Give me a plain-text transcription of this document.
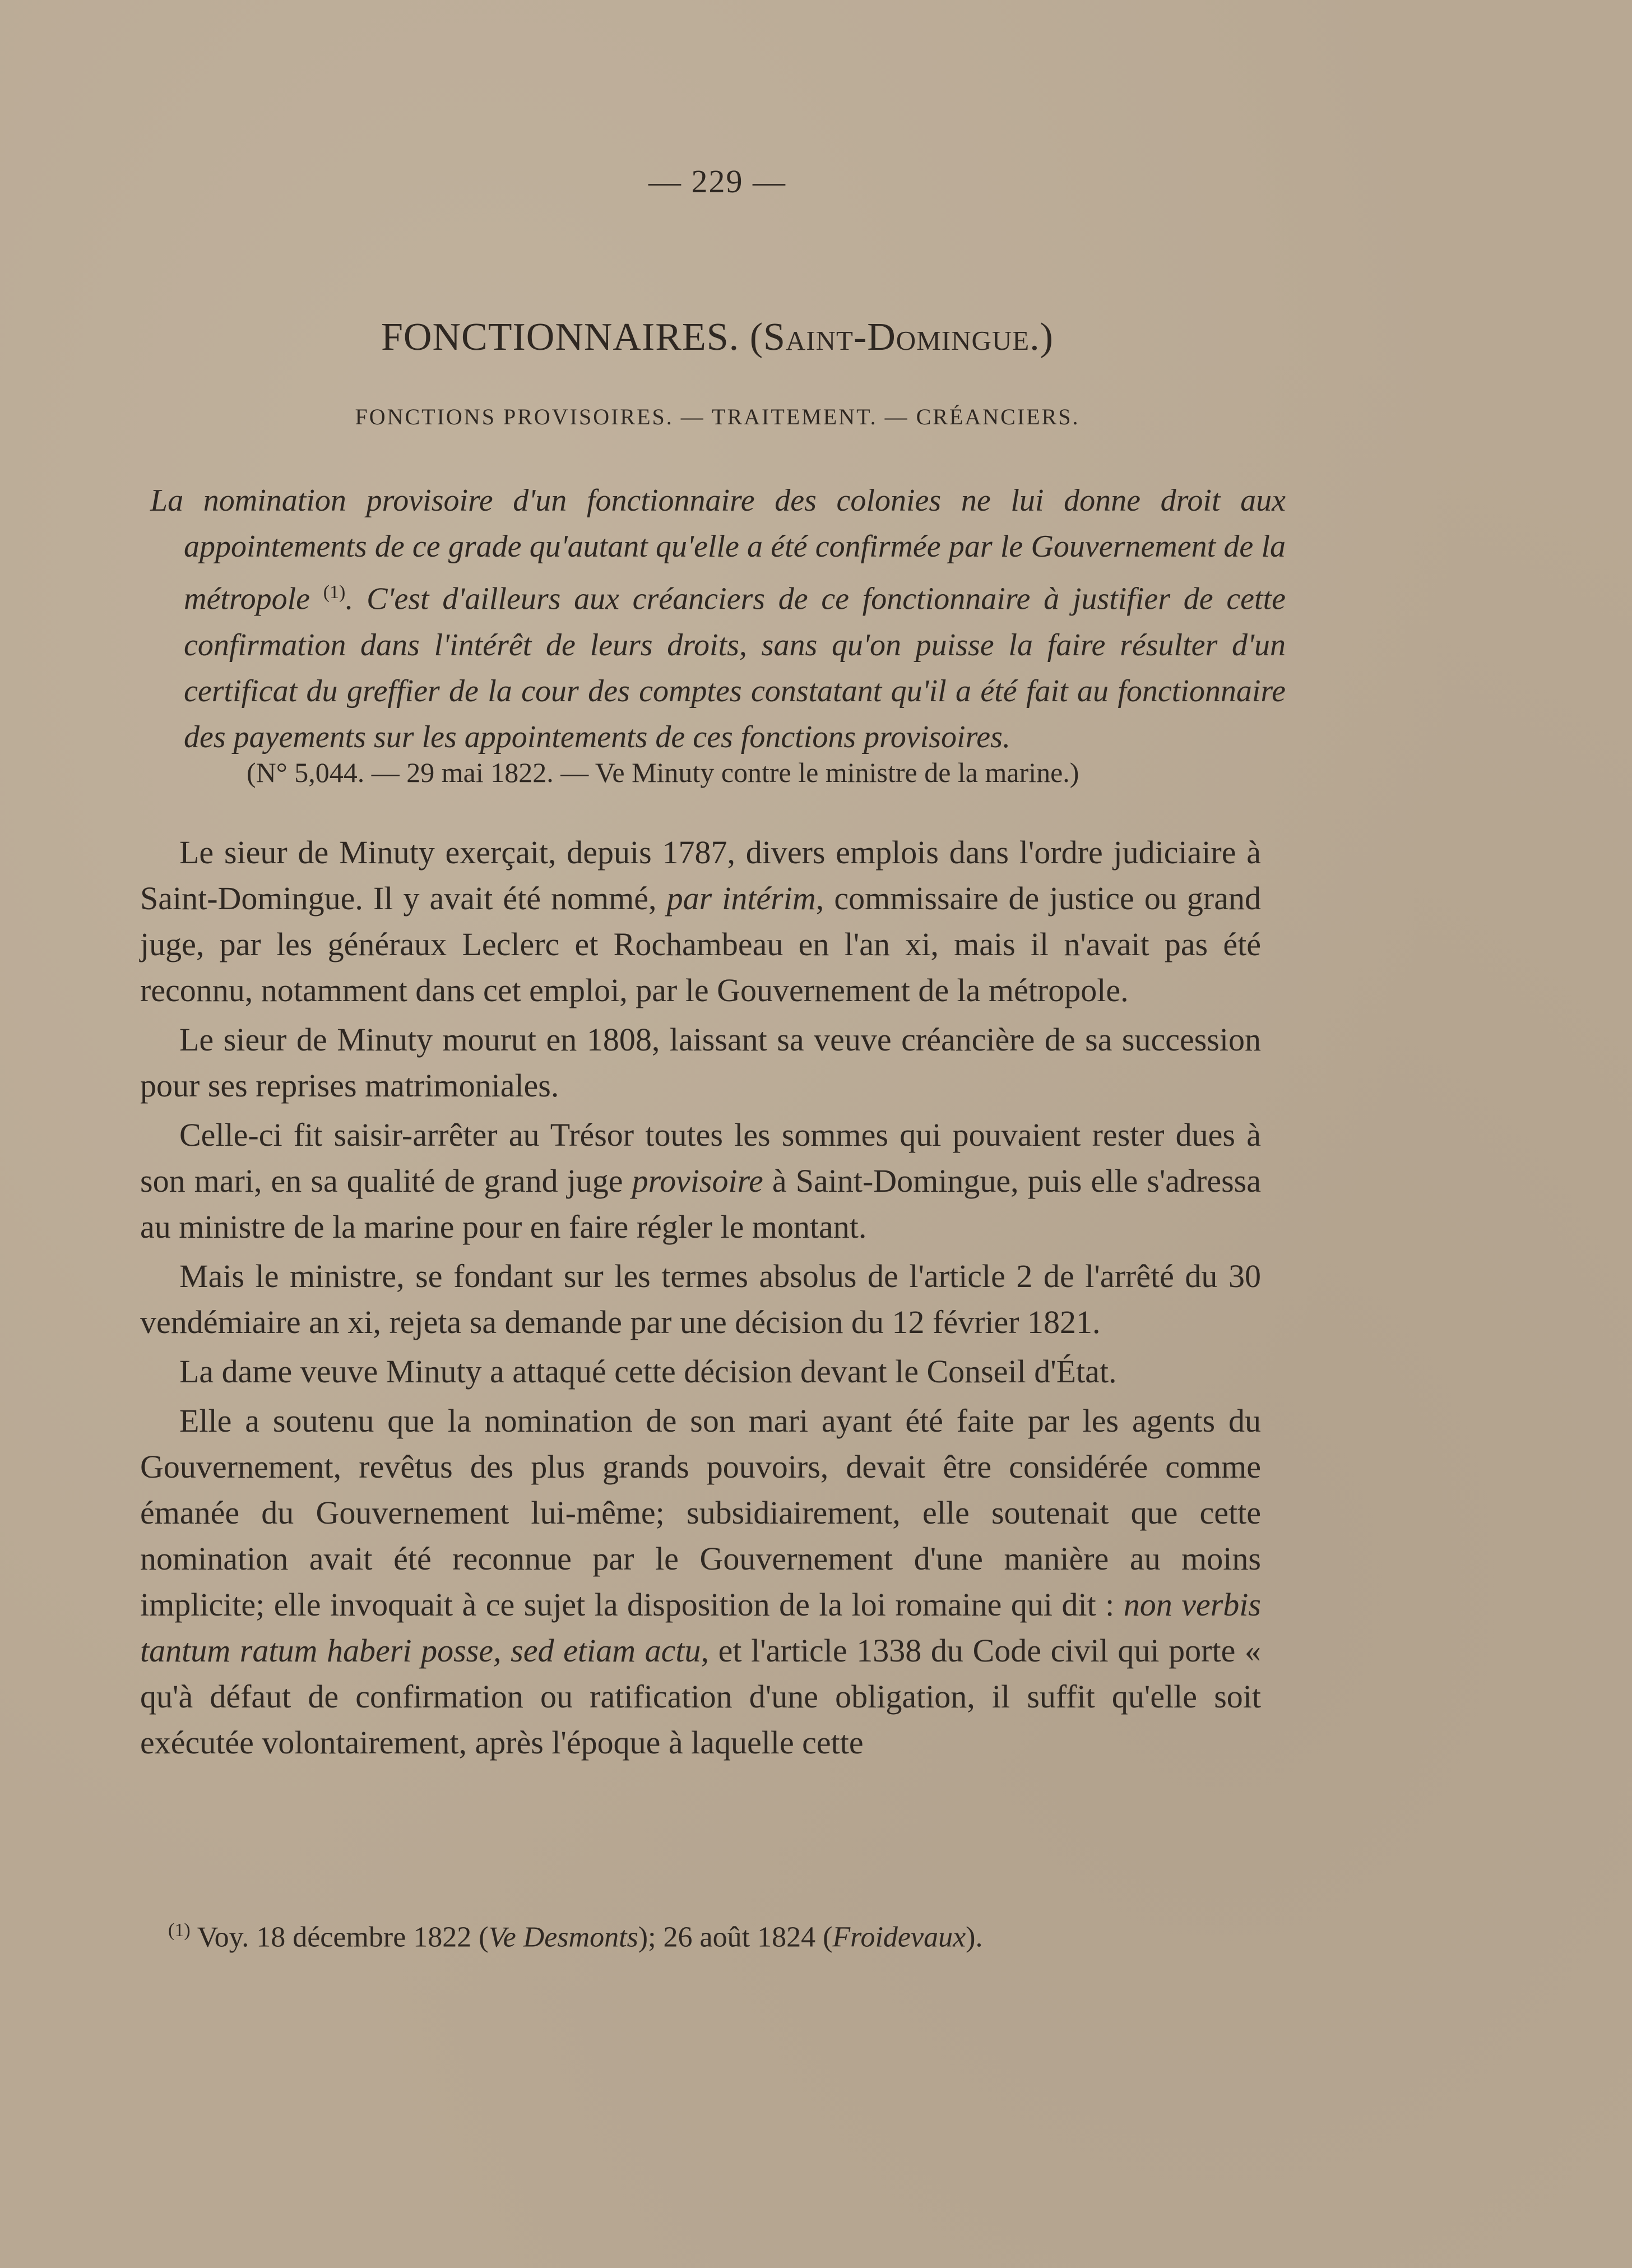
— 229 —
FONCTIONNAIRES. (Saint-Domingue.)
FONCTIONS PROVISOIRES. — TRAITEMENT. — CRÉANCIERS.
La nomination provisoire d'un fonctionnaire des colonies ne lui donne droit aux appointements de ce grade qu'autant qu'elle a été confirmée par le Gouvernement de la métropole $^{(1)}$. C'est d'ailleurs aux créanciers de ce fonctionnaire à justifier de cette confirmation dans l'intérêt de leurs droits, sans qu'on puisse la faire résulter d'un certificat du greffier de la cour des comptes constatant qu'il a été fait au fonctionnaire des payements sur les appointements de ces fonctions provisoires.
(N° 5,044. — 29 mai 1822. — Ve Minuty contre le ministre de la marine.)

Le sieur de Minuty exerçait, depuis 1787, divers emplois dans l'ordre judiciaire à Saint-Domingue. Il y avait été nommé, par intérim, commissaire de justice ou grand juge, par les généraux Leclerc et Rochambeau en l'an xi, mais il n'avait pas été reconnu, notamment dans cet emploi, par le Gouvernement de la métropole.

Le sieur de Minuty mourut en 1808, laissant sa veuve créancière de sa succession pour ses reprises matrimoniales.

Celle-ci fit saisir-arrêter au Trésor toutes les sommes qui pouvaient rester dues à son mari, en sa qualité de grand juge provisoire à Saint-Domingue, puis elle s'adressa au ministre de la marine pour en faire régler le montant.

Mais le ministre, se fondant sur les termes absolus de l'article 2 de l'arrêté du 30 vendémiaire an xi, rejeta sa demande par une décision du 12 février 1821.

La dame veuve Minuty a attaqué cette décision devant le Conseil d'État.

Elle a soutenu que la nomination de son mari ayant été faite par les agents du Gouvernement, revêtus des plus grands pouvoirs, devait être considérée comme émanée du Gouvernement lui-même; subsidiairement, elle soutenait que cette nomination avait été reconnue par le Gouvernement d'une manière au moins implicite; elle invoquait à ce sujet la disposition de la loi romaine qui dit : non verbis tantum ratum haberi posse, sed etiam actu, et l'article 1338 du Code civil qui porte « qu'à défaut de confirmation ou ratification d'une obligation, il suffit qu'elle soit exécutée volontairement, après l'époque à laquelle cette

$^{(1)}$ Voy. 18 décembre 1822 (Ve Desmonts); 26 août 1824 (Froidevaux).
